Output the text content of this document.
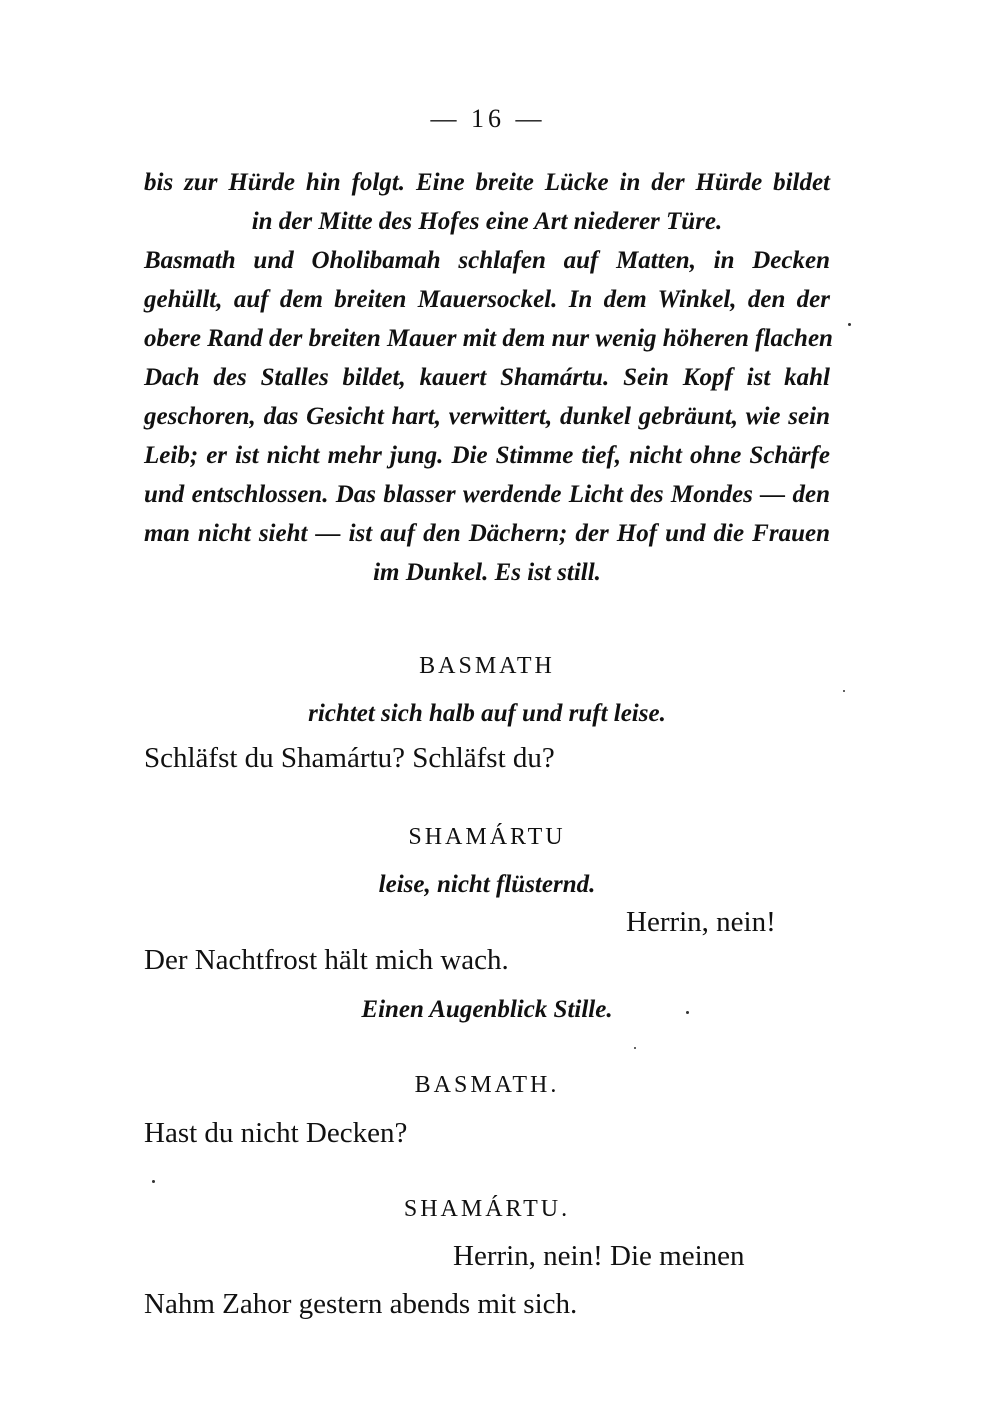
— 16 —
bis zur Hürde hin folgt. Eine breite Lücke in der Hürde bildet
in der Mitte des Hofes eine Art niederer Türe.
Basmath und Oholibamah schlafen auf Matten, in Decken
gehüllt, auf dem breiten Mauersockel. In dem Winkel, den der
obere Rand der breiten Mauer mit dem nur wenig höheren flachen
Dach des Stalles bildet, kauert Shamártu. Sein Kopf ist kahl
geschoren, das Gesicht hart, verwittert, dunkel gebräunt, wie sein
Leib; er ist nicht mehr jung. Die Stimme tief, nicht ohne Schärfe
und entschlossen. Das blasser werdende Licht des Mondes — den
man nicht sieht — ist auf den Dächern; der Hof und die Frauen
im Dunkel. Es ist still.
BASMATH
richtet sich halb auf und ruft leise.
Schläfst du Shamártu? Schläfst du?
SHAMÁRTU
leise, nicht flüsternd.
Herrin, nein!
Der Nachtfrost hält mich wach.
Einen Augenblick Stille.
BASMATH.
Hast du nicht Decken?
SHAMÁRTU.
Herrin, nein! Die meinen
Nahm Zahor gestern abends mit sich.
